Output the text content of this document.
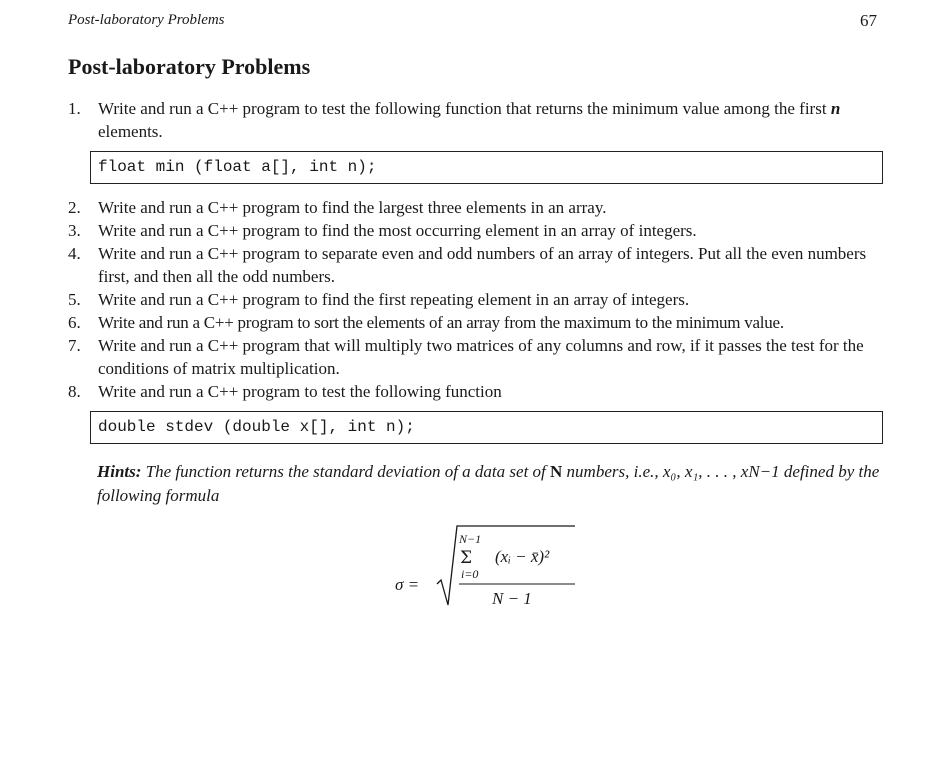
Post-laboratory Problems	67
Post-laboratory Problems
1. Write and run a C++ program to test the following function that returns the minimum value among the first n elements.
float min (float a[], int n);
2. Write and run a C++ program to find the largest three elements in an array.
3. Write and run a C++ program to find the most occurring element in an array of integers.
4. Write and run a C++ program to separate even and odd numbers of an array of integers. Put all the even numbers first, and then all the odd numbers.
5. Write and run a C++ program to find the first repeating element in an array of integers.
6. Write and run a C++ program to sort the elements of an array from the maximum to the minimum value.
7. Write and run a C++ program that will multiply two matrices of any columns and row, if it passes the test for the conditions of matrix multiplication.
8. Write and run a C++ program to test the following function
double stdev (double x[], int n);
Hints: The function returns the standard deviation of a data set of N numbers, i.e., x₀, x₁, . . . , xN−1 defined by the following formula
σ =
N−1
Σ
i=0
(xᵢ − x̄)²
N − 1
